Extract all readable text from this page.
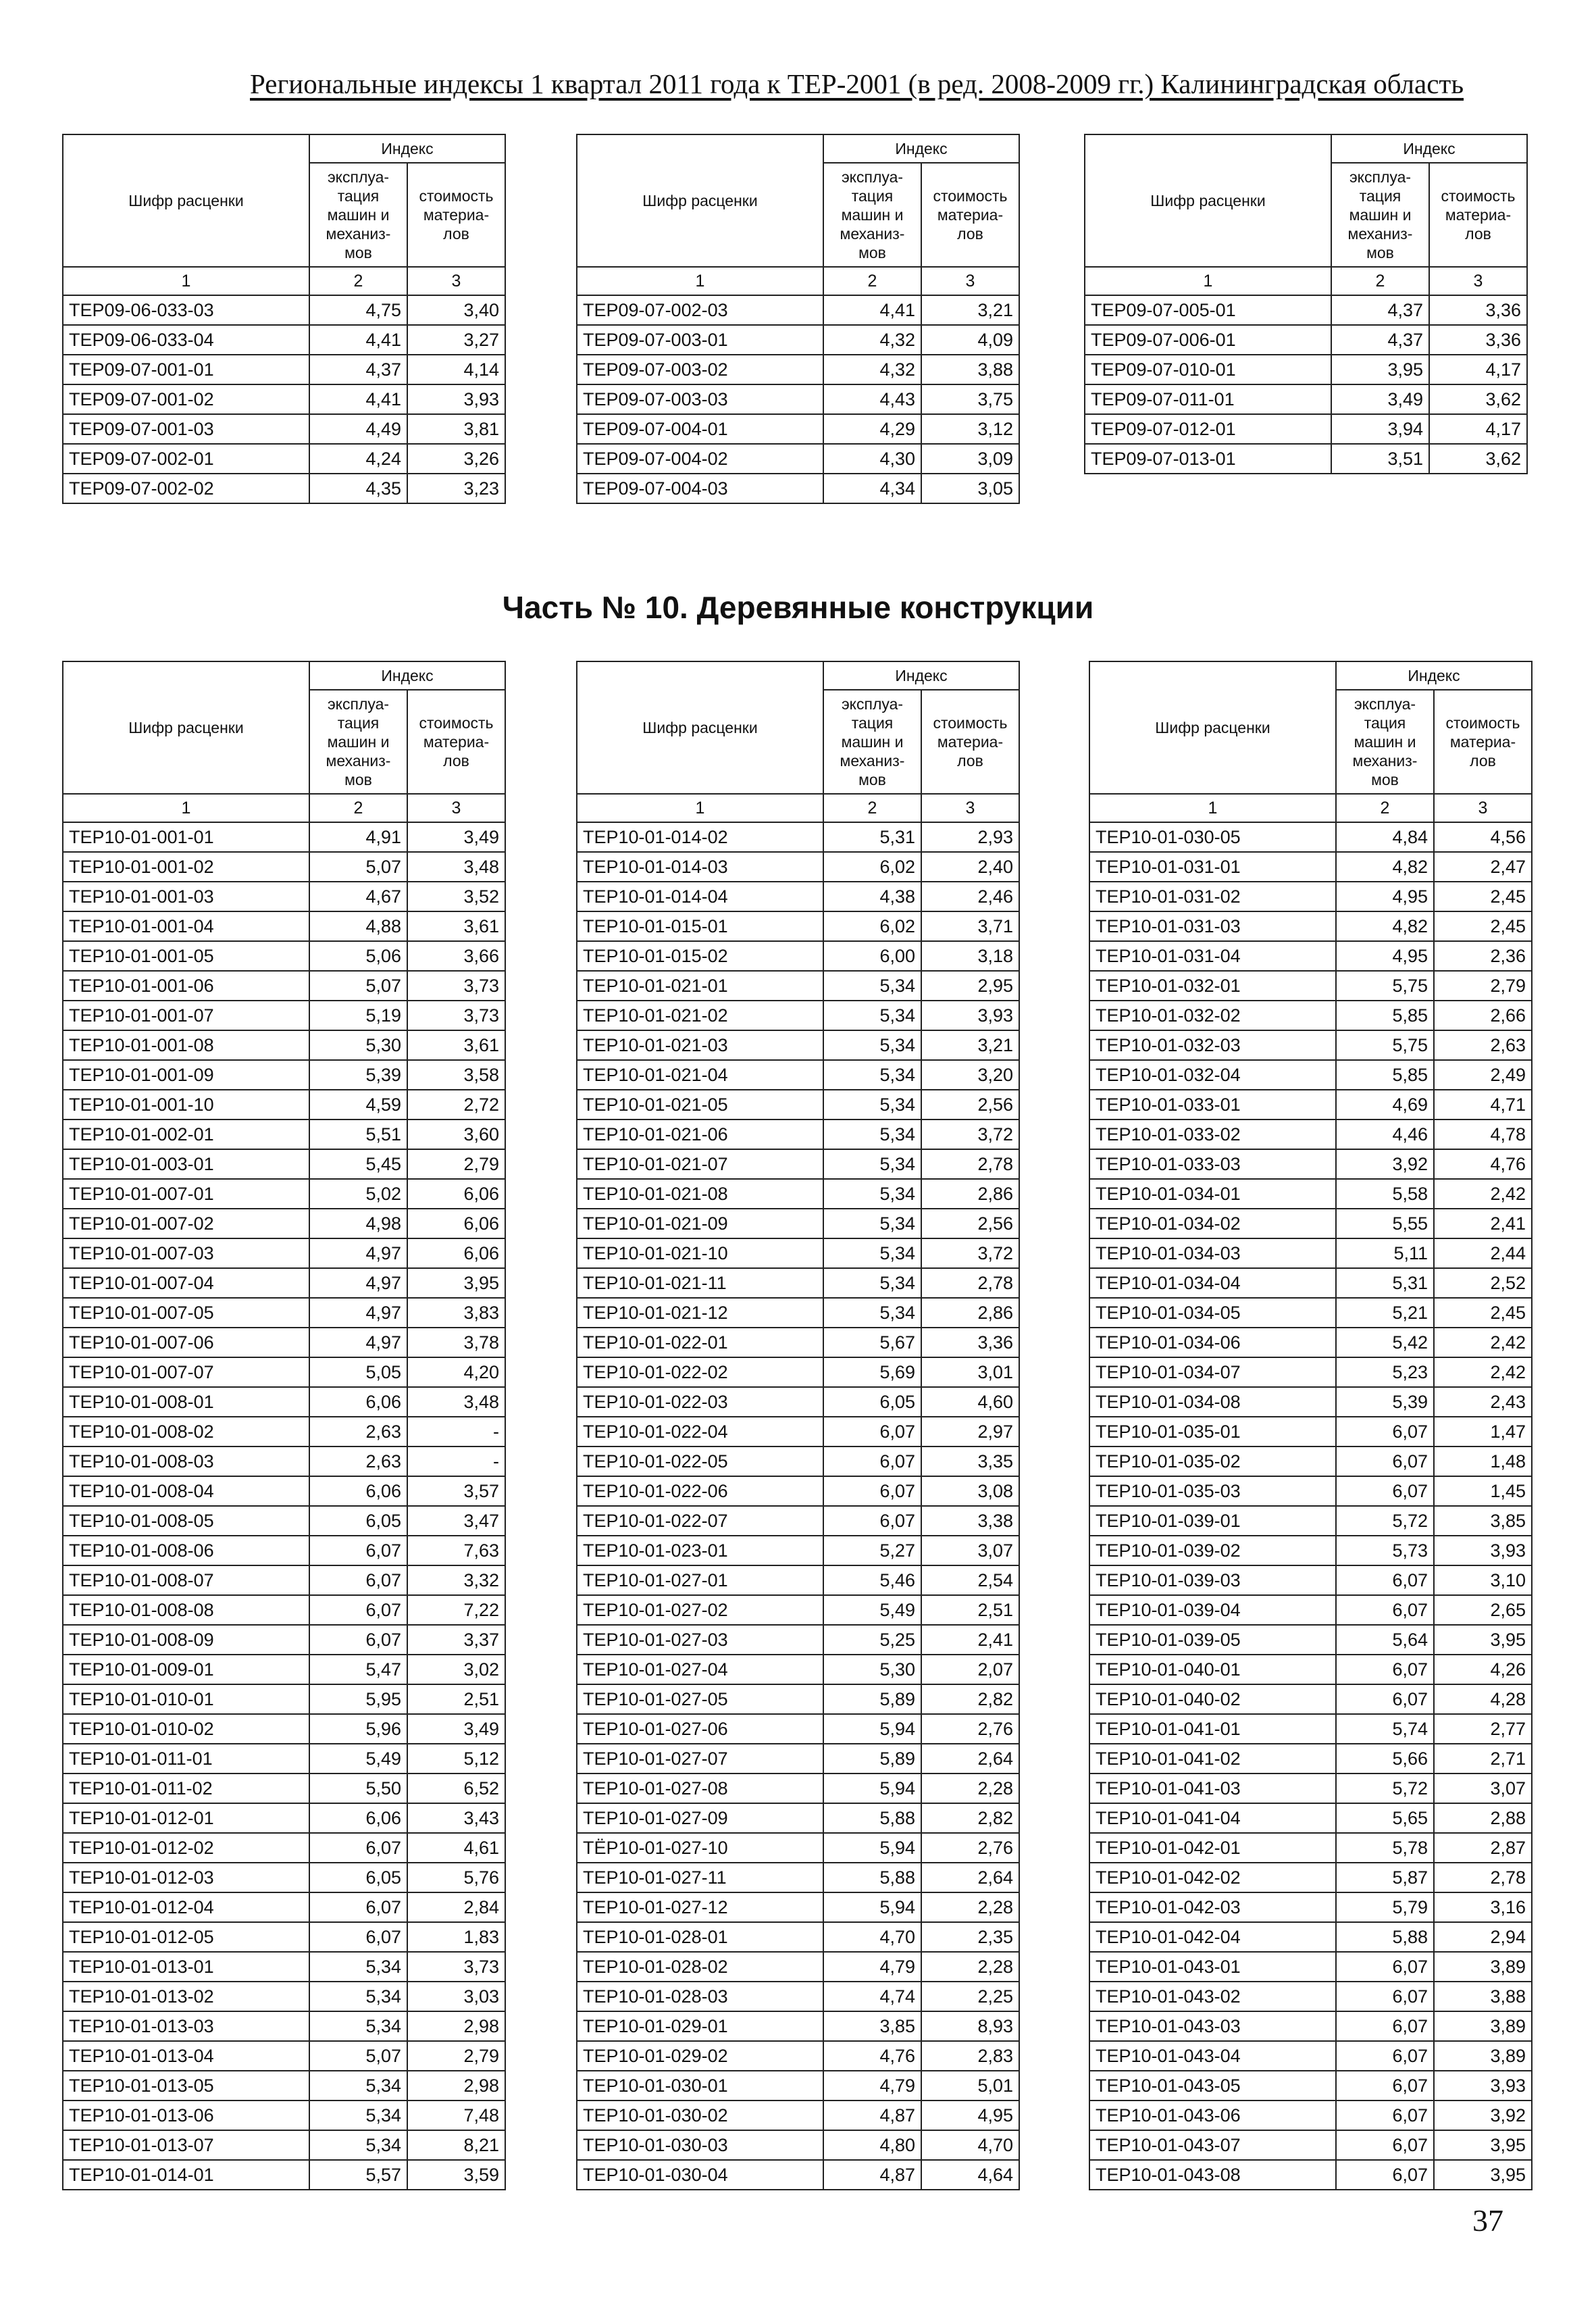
Региональные индексы 1 квартал 2011 года к ТЕР-2001 (в ред. 2008-2009 гг.) Калининградская область
Шифр расценки	Индекс	
	эксплуа-
тация
машин и
механиз-
мов	стоимость
материа-
лов
1	2	3
ТЕР09-06-033-03	4,75	3,40
ТЕР09-06-033-04	4,41	3,27
ТЕР09-07-001-01	4,37	4,14
ТЕР09-07-001-02	4,41	3,93
ТЕР09-07-001-03	4,49	3,81
ТЕР09-07-002-01	4,24	3,26
ТЕР09-07-002-02	4,35	3,23
Шифр расценки	Индекс	
	эксплуа-
тация
машин и
механиз-
мов	стоимость
материа-
лов
1	2	3
ТЕР09-07-002-03	4,41	3,21
ТЕР09-07-003-01	4,32	4,09
ТЕР09-07-003-02	4,32	3,88
ТЕР09-07-003-03	4,43	3,75
ТЕР09-07-004-01	4,29	3,12
ТЕР09-07-004-02	4,30	3,09
ТЕР09-07-004-03	4,34	3,05
Шифр расценки	Индекс	
	эксплуа-
тация
машин и
механиз-
мов	стоимость
материа-
лов
1	2	3
ТЕР09-07-005-01	4,37	3,36
ТЕР09-07-006-01	4,37	3,36
ТЕР09-07-010-01	3,95	4,17
ТЕР09-07-011-01	3,49	3,62
ТЕР09-07-012-01	3,94	4,17
ТЕР09-07-013-01	3,51	3,62
Шифр расценки	Индекс	
	эксплуа-
тация
машин и
механиз-
мов	стоимость
материа-
лов
1	2	3
ТЕР10-01-001-01	4,91	3,49
ТЕР10-01-001-02	5,07	3,48
ТЕР10-01-001-03	4,67	3,52
ТЕР10-01-001-04	4,88	3,61
ТЕР10-01-001-05	5,06	3,66
ТЕР10-01-001-06	5,07	3,73
ТЕР10-01-001-07	5,19	3,73
ТЕР10-01-001-08	5,30	3,61
ТЕР10-01-001-09	5,39	3,58
ТЕР10-01-001-10	4,59	2,72
ТЕР10-01-002-01	5,51	3,60
ТЕР10-01-003-01	5,45	2,79
ТЕР10-01-007-01	5,02	6,06
ТЕР10-01-007-02	4,98	6,06
ТЕР10-01-007-03	4,97	6,06
ТЕР10-01-007-04	4,97	3,95
ТЕР10-01-007-05	4,97	3,83
ТЕР10-01-007-06	4,97	3,78
ТЕР10-01-007-07	5,05	4,20
ТЕР10-01-008-01	6,06	3,48
ТЕР10-01-008-02	2,63	-
ТЕР10-01-008-03	2,63	-
ТЕР10-01-008-04	6,06	3,57
ТЕР10-01-008-05	6,05	3,47
ТЕР10-01-008-06	6,07	7,63
ТЕР10-01-008-07	6,07	3,32
ТЕР10-01-008-08	6,07	7,22
ТЕР10-01-008-09	6,07	3,37
ТЕР10-01-009-01	5,47	3,02
ТЕР10-01-010-01	5,95	2,51
ТЕР10-01-010-02	5,96	3,49
ТЕР10-01-011-01	5,49	5,12
ТЕР10-01-011-02	5,50	6,52
ТЕР10-01-012-01	6,06	3,43
ТЕР10-01-012-02	6,07	4,61
ТЕР10-01-012-03	6,05	5,76
ТЕР10-01-012-04	6,07	2,84
ТЕР10-01-012-05	6,07	1,83
ТЕР10-01-013-01	5,34	3,73
ТЕР10-01-013-02	5,34	3,03
ТЕР10-01-013-03	5,34	2,98
ТЕР10-01-013-04	5,07	2,79
ТЕР10-01-013-05	5,34	2,98
ТЕР10-01-013-06	5,34	7,48
ТЕР10-01-013-07	5,34	8,21
ТЕР10-01-014-01	5,57	3,59
Шифр расценки	Индекс	
	эксплуа-
тация
машин и
механиз-
мов	стоимость
материа-
лов
1	2	3
ТЕР10-01-014-02	5,31	2,93
ТЕР10-01-014-03	6,02	2,40
ТЕР10-01-014-04	4,38	2,46
ТЕР10-01-015-01	6,02	3,71
ТЕР10-01-015-02	6,00	3,18
ТЕР10-01-021-01	5,34	2,95
ТЕР10-01-021-02	5,34	3,93
ТЕР10-01-021-03	5,34	3,21
ТЕР10-01-021-04	5,34	3,20
ТЕР10-01-021-05	5,34	2,56
ТЕР10-01-021-06	5,34	3,72
ТЕР10-01-021-07	5,34	2,78
ТЕР10-01-021-08	5,34	2,86
ТЕР10-01-021-09	5,34	2,56
ТЕР10-01-021-10	5,34	3,72
ТЕР10-01-021-11	5,34	2,78
ТЕР10-01-021-12	5,34	2,86
ТЕР10-01-022-01	5,67	3,36
ТЕР10-01-022-02	5,69	3,01
ТЕР10-01-022-03	6,05	4,60
ТЕР10-01-022-04	6,07	2,97
ТЕР10-01-022-05	6,07	3,35
ТЕР10-01-022-06	6,07	3,08
ТЕР10-01-022-07	6,07	3,38
ТЕР10-01-023-01	5,27	3,07
ТЕР10-01-027-01	5,46	2,54
ТЕР10-01-027-02	5,49	2,51
ТЕР10-01-027-03	5,25	2,41
ТЕР10-01-027-04	5,30	2,07
ТЕР10-01-027-05	5,89	2,82
ТЕР10-01-027-06	5,94	2,76
ТЕР10-01-027-07	5,89	2,64
ТЕР10-01-027-08	5,94	2,28
ТЕР10-01-027-09	5,88	2,82
ТЁР10-01-027-10	5,94	2,76
ТЕР10-01-027-11	5,88	2,64
ТЕР10-01-027-12	5,94	2,28
ТЕР10-01-028-01	4,70	2,35
ТЕР10-01-028-02	4,79	2,28
ТЕР10-01-028-03	4,74	2,25
ТЕР10-01-029-01	3,85	8,93
ТЕР10-01-029-02	4,76	2,83
ТЕР10-01-030-01	4,79	5,01
ТЕР10-01-030-02	4,87	4,95
ТЕР10-01-030-03	4,80	4,70
ТЕР10-01-030-04	4,87	4,64
Шифр расценки	Индекс	
	эксплуа-
тация
машин и
механиз-
мов	стоимость
материа-
лов
1	2	3
ТЕР10-01-030-05	4,84	4,56
ТЕР10-01-031-01	4,82	2,47
ТЕР10-01-031-02	4,95	2,45
ТЕР10-01-031-03	4,82	2,45
ТЕР10-01-031-04	4,95	2,36
ТЕР10-01-032-01	5,75	2,79
ТЕР10-01-032-02	5,85	2,66
ТЕР10-01-032-03	5,75	2,63
ТЕР10-01-032-04	5,85	2,49
ТЕР10-01-033-01	4,69	4,71
ТЕР10-01-033-02	4,46	4,78
ТЕР10-01-033-03	3,92	4,76
ТЕР10-01-034-01	5,58	2,42
ТЕР10-01-034-02	5,55	2,41
ТЕР10-01-034-03	5,11	2,44
ТЕР10-01-034-04	5,31	2,52
ТЕР10-01-034-05	5,21	2,45
ТЕР10-01-034-06	5,42	2,42
ТЕР10-01-034-07	5,23	2,42
ТЕР10-01-034-08	5,39	2,43
ТЕР10-01-035-01	6,07	1,47
ТЕР10-01-035-02	6,07	1,48
ТЕР10-01-035-03	6,07	1,45
ТЕР10-01-039-01	5,72	3,85
ТЕР10-01-039-02	5,73	3,93
ТЕР10-01-039-03	6,07	3,10
ТЕР10-01-039-04	6,07	2,65
ТЕР10-01-039-05	5,64	3,95
ТЕР10-01-040-01	6,07	4,26
ТЕР10-01-040-02	6,07	4,28
ТЕР10-01-041-01	5,74	2,77
ТЕР10-01-041-02	5,66	2,71
ТЕР10-01-041-03	5,72	3,07
ТЕР10-01-041-04	5,65	2,88
ТЕР10-01-042-01	5,78	2,87
ТЕР10-01-042-02	5,87	2,78
ТЕР10-01-042-03	5,79	3,16
ТЕР10-01-042-04	5,88	2,94
ТЕР10-01-043-01	6,07	3,89
ТЕР10-01-043-02	6,07	3,88
ТЕР10-01-043-03	6,07	3,89
ТЕР10-01-043-04	6,07	3,89
ТЕР10-01-043-05	6,07	3,93
ТЕР10-01-043-06	6,07	3,92
ТЕР10-01-043-07	6,07	3,95
ТЕР10-01-043-08	6,07	3,95
Часть № 10. Деревянные конструкции
37
